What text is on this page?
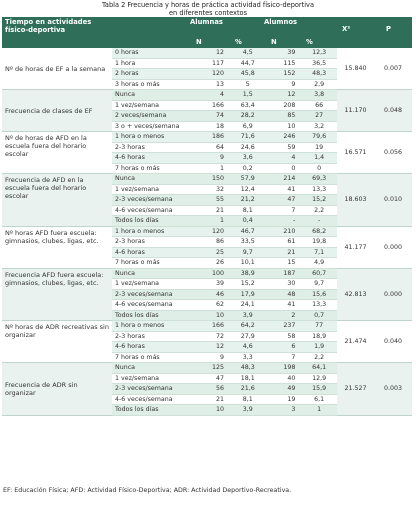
Tabla 2 Frecuencia y horas de práctica actividad físico-deportiva
en diferentes contextos
Tiempo en actividades físico-deportiva
Alumnas	Alumnos
X²	P
N	%	N	%
Nº de horas de EF a la semana
0 horas	12	4,5	39	12,3
1 hora	117	44,7	115	36,5
2 horas	120	45,8	152	48,3
3 horas o más	13	5	9	2,9
15.840	0.007
Frecuencia de clases de EF
Nunca	4	1,5	12	3,8
1 vez/semana	166	63,4	208	66
2 veces/semana	74	28,2	85	27
3 o + veces/semana	18	6,9	10	3,2
11.170	0.048
Nº de horas de AFD en la escuela fuera del horario escolar
1 hora o menos	186	71,6	246	79,6
2-3 horas	64	24,6	59	19
4-6 horas	9	3,6	4	1,4
7 horas o más	1	0,2	0	0
16.571	0.056
Frecuencia de AFD en la escuela fuera del horario escolar
Nunca	150	57,9	214	69,3
1 vez/semana	32	12,4	41	13,3
2-3 veces/semana	55	21,2	47	15,2
4-6 veces/semana	21	8,1	7	2,2
Todos los días	1	0,4	-	-
18.603	0.010
Nº horas AFD fuera escuela: gimnasios, clubes, ligas, etc.
1 hora o menos	120	46,7	210	68,2
2-3 horas	86	33,5	61	19,8
4-6 horas	25	9,7	21	7,1
7 horas o más	26	10,1	15	4,9
41.177	0.000
Frecuencia AFD fuera escuela: gimnasios, clubes, ligas, etc.
Nunca	100	38,9	187	60,7
1 vez/semana	39	15,2	30	9,7
2-3 veces/semana	46	17,9	48	15,6
4-6 veces/semana	62	24,1	41	13,3
Todos los días	10	3,9	2	0,7
42.813	0.000
Nº horas de ADR recreativas sin organizar
1 hora o menos	166	64,2	237	77
2-3 horas	72	27,9	58	18,9
4-6 horas	12	4,6	6	1,9
7 horas o más	9	3,3	7	2,2
21.474	0.040
Frecuencia de ADR sin organizar
Nunca	125	48,3	198	64,1
1 vez/semana	47	18,1	40	12,9
2-3 veces/semana	56	21,6	49	15,9
4-6 veces/semana	21	8,1	19	6,1
Todos los días	10	3,9	3	1
21.527	0.003
EF: Educación Física; AFD: Actividad Físico-Deportiva; ADR: Actividad Deportivo-Recreativa.
